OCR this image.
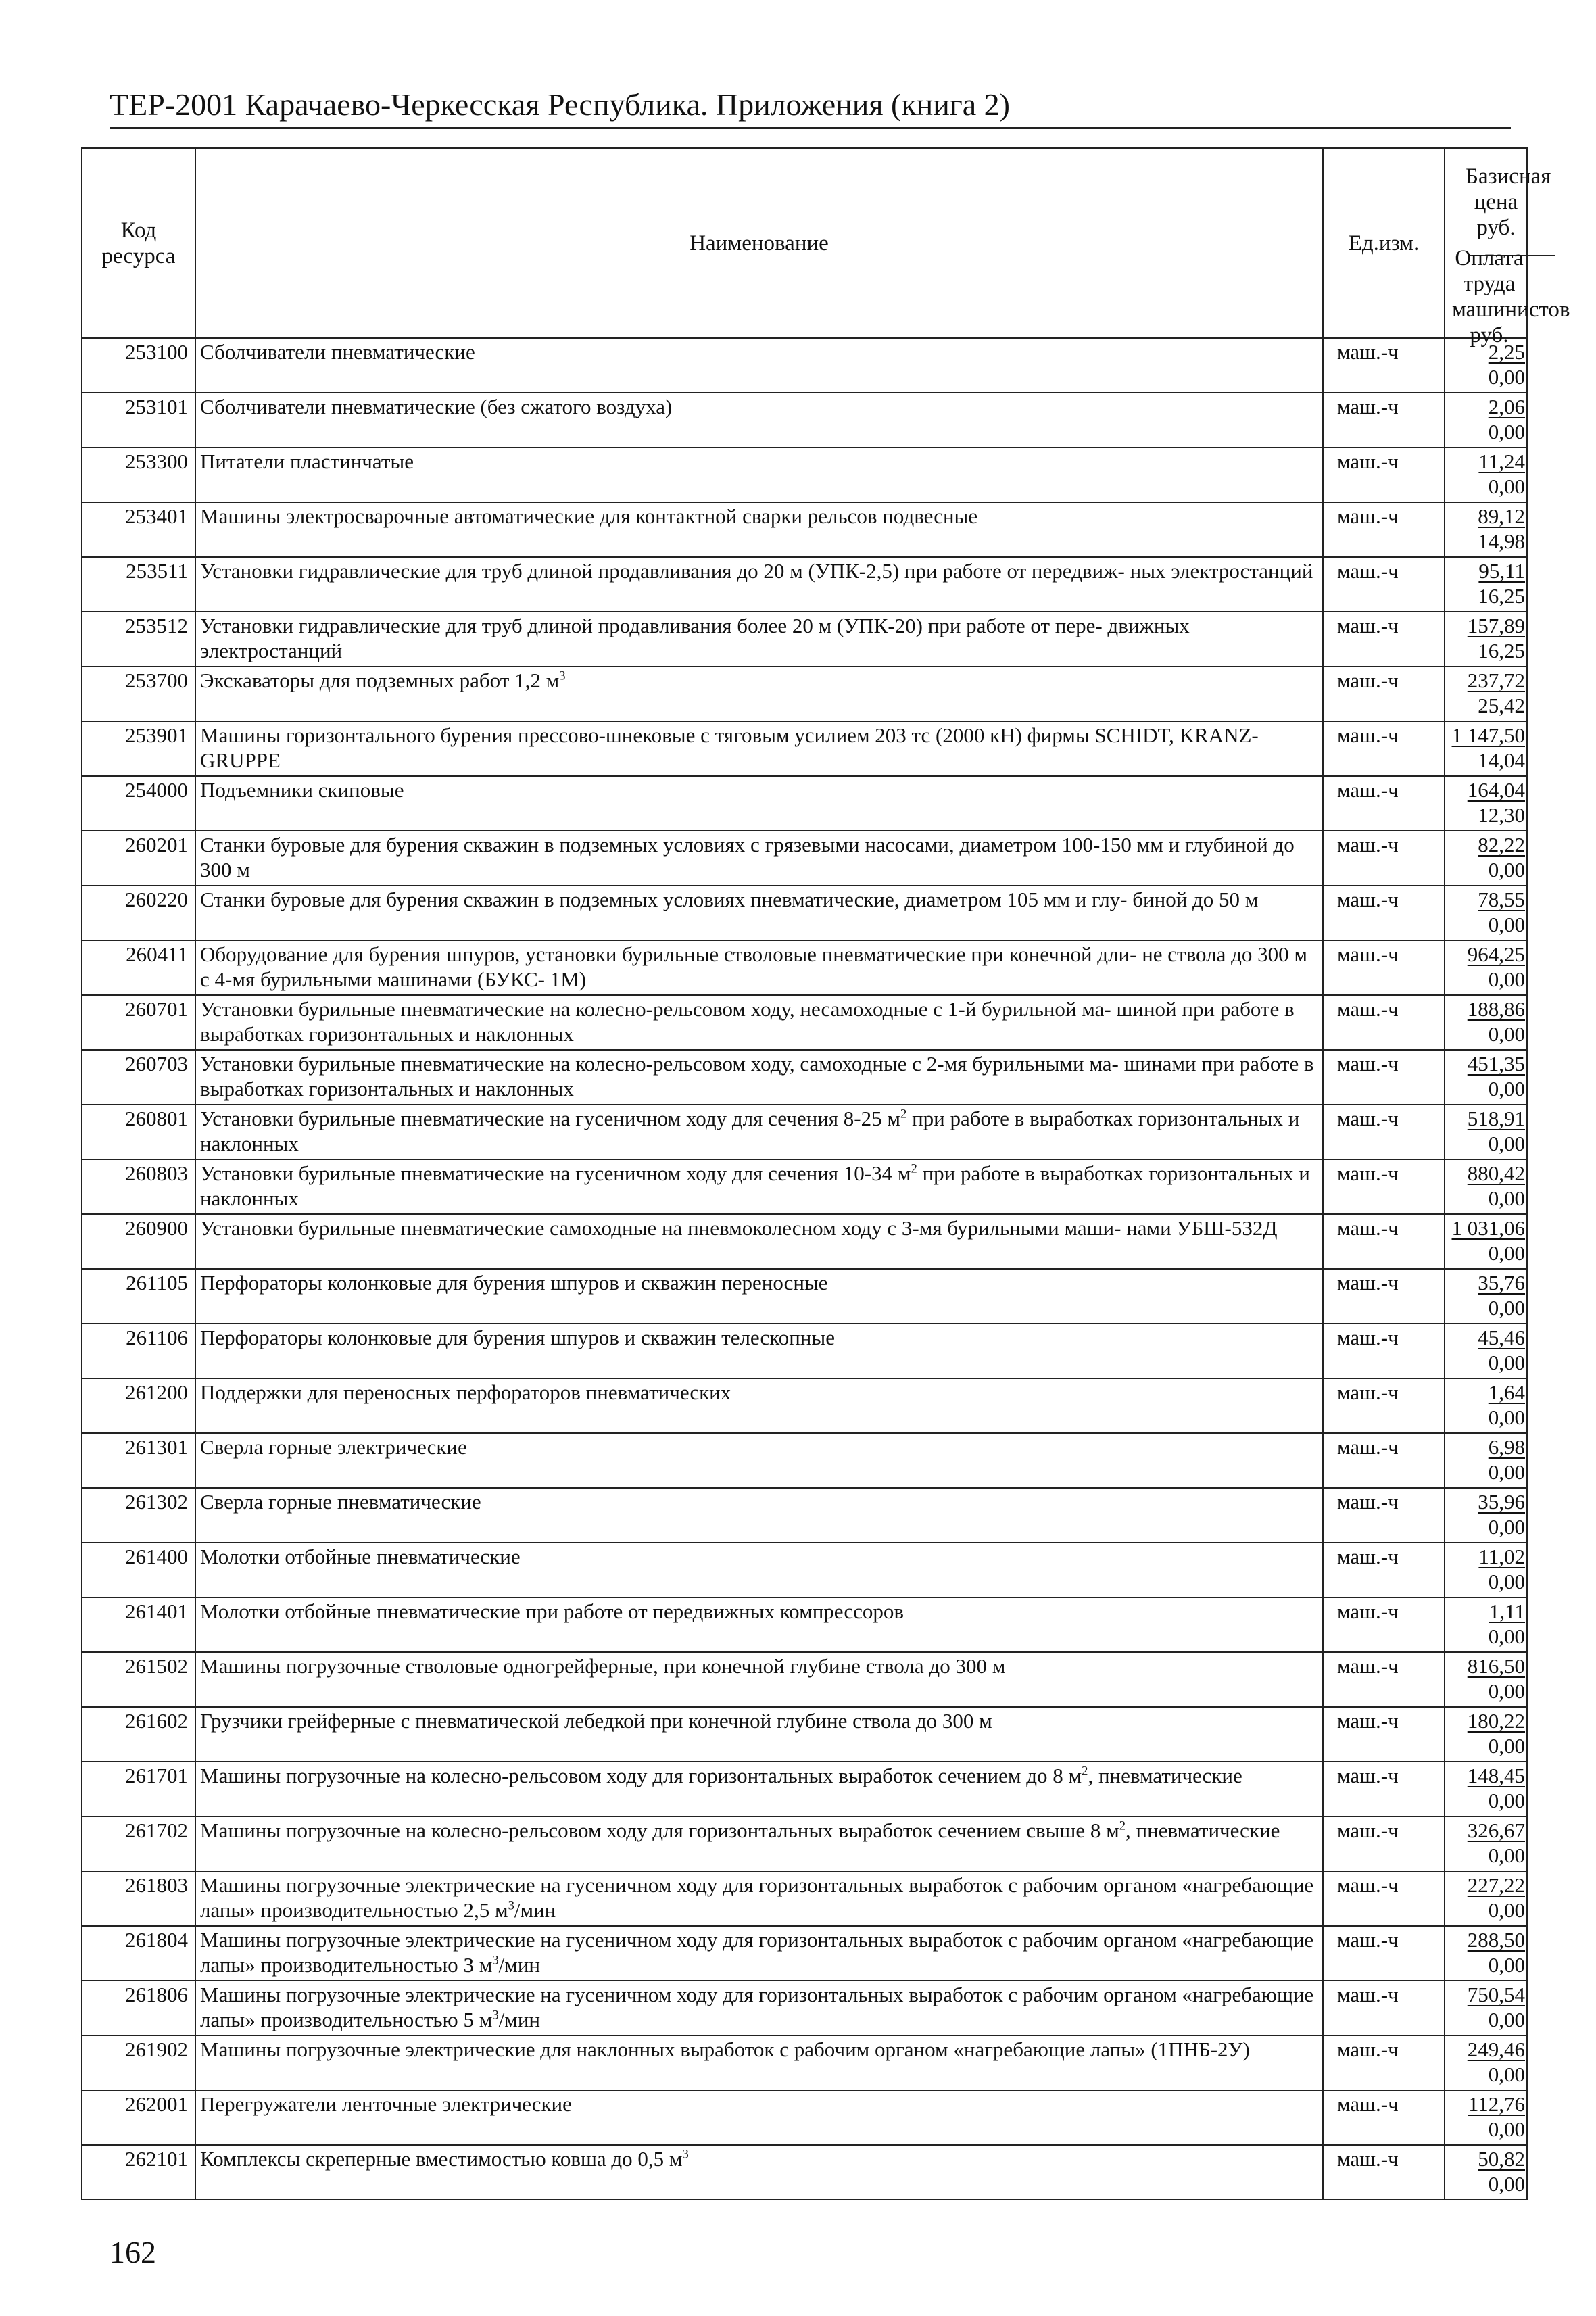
ТЕР-2001 Карачаево-Черкесская Республика. Приложения (книга 2)
Код ресурса	Наименование	Ед.изм.	Базисная цена руб.
Оплата труда машинистов руб.

253100	Сболчиватели пневматические	маш.-ч	2,25
0,00

253101	Сболчиватели пневматические (без сжатого воздуха)	маш.-ч	2,06
0,00

253300	Питатели пластинчатые	маш.-ч	11,24
0,00

253401	Машины электросварочные автоматические для контактной сварки рельсов подвесные	маш.-ч	89,12
14,98

253511	Установки гидравлические для труб длиной продавливания до 20 м (УПК-2,5) при работе от передвиж- ных электростанций	маш.-ч	95,11
16,25

253512	Установки гидравлические для труб длиной продавливания более 20 м (УПК-20) при работе от пере- движных электростанций	маш.-ч	157,89
16,25

253700	Экскаваторы для подземных работ 1,2 $м^3$	маш.-ч	237,72
25,42

253901	Машины горизонтального бурения прессово-шнековые с тяговым усилием 203 тс (2000 кН) фирмы SCHIDT, KRANZ-GRUPPE	маш.-ч	1 147,50
14,04

254000	Подъемники скиповые	маш.-ч	164,04
12,30

260201	Станки буровые для бурения скважин в подземных условиях с грязевыми насосами, диаметром 100-150 мм и глубиной до 300 м	маш.-ч	82,22
0,00

260220	Станки буровые для бурения скважин в подземных условиях пневматические, диаметром 105 мм и глу- биной до 50 м	маш.-ч	78,55
0,00

260411	Оборудование для бурения шпуров, установки бурильные стволовые пневматические при конечной дли- не ствола до 300 м с 4-мя бурильными машинами (БУКС- 1М)	маш.-ч	964,25
0,00

260701	Установки бурильные пневматические на колесно-рельсовом ходу, несамоходные с 1-й бурильной ма- шиной при работе в выработках горизонтальных и наклонных	маш.-ч	188,86
0,00

260703	Установки бурильные пневматические на колесно-рельсовом ходу, самоходные с 2-мя бурильными ма- шинами при работе в выработках горизонтальных и наклонных	маш.-ч	451,35
0,00

260801	Установки бурильные пневматические на гусеничном ходу для сечения 8-25 $м^2$ при работе в выработках горизонтальных и наклонных	маш.-ч	518,91
0,00

260803	Установки бурильные пневматические на гусеничном ходу для сечения 10-34 $м^2$ при работе в выработках горизонтальных и наклонных	маш.-ч	880,42
0,00

260900	Установки бурильные пневматические самоходные на пневмоколесном ходу с 3-мя бурильными маши- нами УБШ-532Д	маш.-ч	1 031,06
0,00

261105	Перфораторы колонковые для бурения шпуров и скважин переносные	маш.-ч	35,76
0,00

261106	Перфораторы колонковые для бурения шпуров и скважин телескопные	маш.-ч	45,46
0,00

261200	Поддержки для переносных перфораторов пневматических	маш.-ч	1,64
0,00

261301	Сверла горные электрические	маш.-ч	6,98
0,00

261302	Сверла горные пневматические	маш.-ч	35,96
0,00

261400	Молотки отбойные пневматические	маш.-ч	11,02
0,00

261401	Молотки отбойные пневматические при работе от передвижных компрессоров	маш.-ч	1,11
0,00

261502	Машины погрузочные стволовые одногрейферные, при конечной глубине ствола до 300 м	маш.-ч	816,50
0,00

261602	Грузчики грейферные с пневматической лебедкой при конечной глубине ствола до 300 м	маш.-ч	180,22
0,00

261701	Машины погрузочные на колесно-рельсовом ходу для горизонтальных выработок сечением до 8 $м^2$, пневматические	маш.-ч	148,45
0,00

261702	Машины погрузочные на колесно-рельсовом ходу для горизонтальных выработок сечением свыше 8 $м^2$, пневматические	маш.-ч	326,67
0,00

261803	Машины погрузочные электрические на гусеничном ходу для горизонтальных выработок с рабочим органом «нагребающие лапы» производительностью 2,5 $м^3$/мин	маш.-ч	227,22
0,00

261804	Машины погрузочные электрические на гусеничном ходу для горизонтальных выработок с рабочим органом «нагребающие лапы» производительностью 3 $м^3$/мин	маш.-ч	288,50
0,00

261806	Машины погрузочные электрические на гусеничном ходу для горизонтальных выработок с рабочим органом «нагребающие лапы» производительностью 5 $м^3$/мин	маш.-ч	750,54
0,00

261902	Машины погрузочные электрические для наклонных выработок с рабочим органом «нагребающие лапы» (1ПНБ-2У)	маш.-ч	249,46
0,00

262001	Перегружатели ленточные электрические	маш.-ч	112,76
0,00

262101	Комплексы скреперные вместимостью ковша до 0,5 $м^3$	маш.-ч	50,82
0,00
162
